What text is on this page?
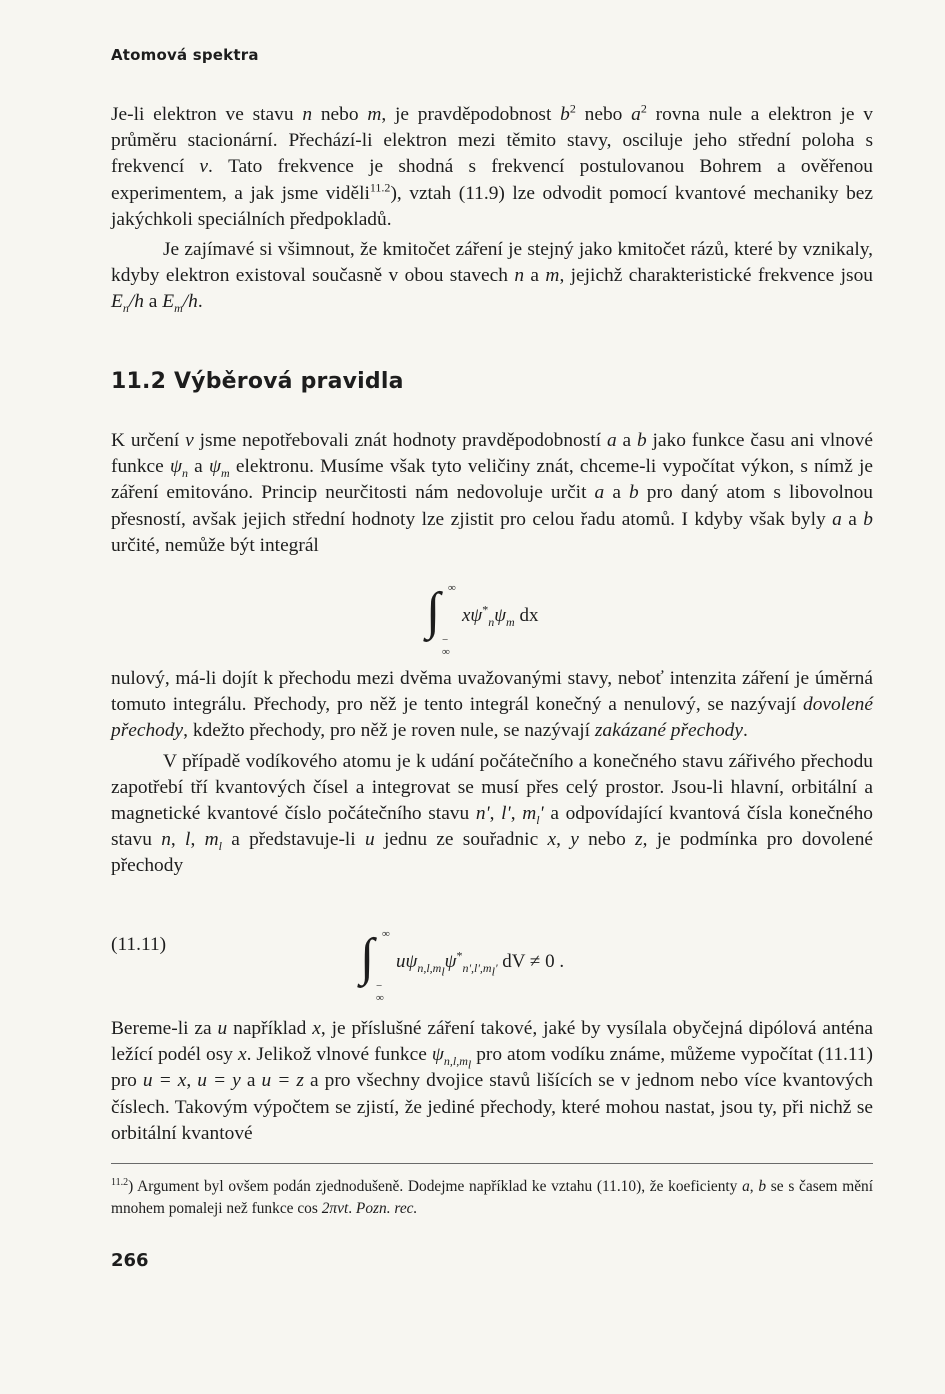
Atomová spektra

Je-li elektron ve stavu n nebo m, je pravděpodobnost $b^2$ nebo $a^2$ rovna nule a elektron je v průměru stacionární. Přechází-li elektron mezi těmito stavy, osciluje jeho střední poloha s frekvencí ν. Tato frekvence je shodná s frekvencí postulovanou Bohrem a ověřenou experimentem, a jak jsme viděli$^{11.2}$), vztah (11.9) lze odvodit pomocí kvantové mechaniky bez jakýchkoli speciálních předpokladů.

Je zajímavé si všimnout, že kmitočet záření je stejný jako kmitočet rázů, které by vznikaly, kdyby elektron existoval současně v obou stavech n a m, jejichž charakteristické frekvence jsou $E_n/h$ a $E_m/h$.

11.2 Výběrová pravidla

K určení ν jsme nepotřebovali znát hodnoty pravděpodobností a a b jako funkce času ani vlnové funkce $\psi_n$ a $\psi_m$ elektronu. Musíme však tyto veličiny znát, chceme-li vypočítat výkon, s nímž je záření emitováno. Princip neurčitosti nám nedovoluje určit a a b pro daný atom s libovolnou přesností, avšak jejich střední hodnoty lze zjistit pro celou řadu atomů. I kdyby však byly a a b určité, nemůže být integrál

∫ ∞
− ∞
$x\psi^*_n\psi_m$ dx

nulový, má-li dojít k přechodu mezi dvěma uvažovanými stavy, neboť intenzita záření je úměrná tomuto integrálu. Přechody, pro něž je tento integrál konečný a nenulový, se nazývají dovolené přechody, kdežto přechody, pro něž je roven nule, se nazývají zakázané přechody.

V případě vodíkového atomu je k udání počátečního a konečného stavu zářivého přechodu zapotřebí tří kvantových čísel a integrovat se musí přes celý prostor. Jsou-li hlavní, orbitální a magnetické kvantové číslo počátečního stavu n', l', $m_l'$ a odpovídající kvantová čísla konečného stavu n, l, $m_l$ a představuje-li u jednu ze souřadnic x, y nebo z, je podmínka pro dovolené přechody

(11.11)	∫ ∞
− ∞
$u\psi_{n,l,m_l}\psi^*_{n',l',m_l'}$ dV ≠ 0 .

Bereme-li za u například x, je příslušné záření takové, jaké by vysílala obyčejná dipólová anténa ležící podél osy x. Jelikož vlnové funkce $\psi_{n,l,m_l}$ pro atom vodíku známe, můžeme vypočítat (11.11) pro u = x, u = y a u = z a pro všechny dvojice stavů lišících se v jednom nebo více kvantových číslech. Takovým výpočtem se zjistí, že jediné přechody, které mohou nastat, jsou ty, při nichž se orbitální kvantové

$^{11.2}$) Argument byl ovšem podán zjednodušeně. Dodejme například ke vztahu (11.10), že koeficienty a, b se s časem mění mnohem pomaleji než funkce cos 2πνt. Pozn. rec.
266
